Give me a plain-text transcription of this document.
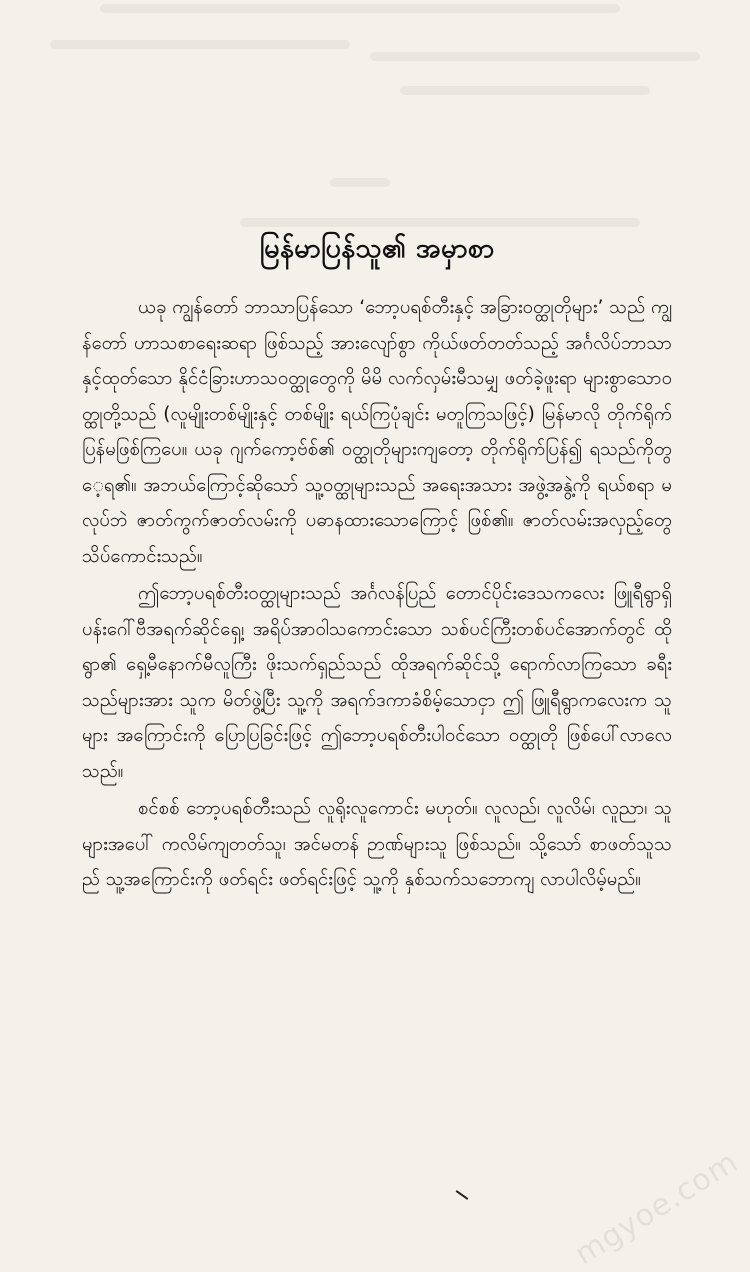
မြန်မာပြန်သူ၏ အမှာစာ

ယခု ကျွန်တော် ဘာသာပြန်သော ‘ဘော့ပရစ်တီးနှင့် အခြားဝတ္ထုတိုများ’ သည် ကျွန်တော် ဟာသစာရေးဆရာ ဖြစ်သည့် အားလျော်စွာ ကိုယ်ဖတ်တတ်သည့် အင်္ဂလိပ်ဘာသာနှင့်ထုတ်သော နိုင်ငံခြားဟာသဝတ္ထုတွေကို မိမိ လက်လှမ်းမီသမျှ ဖတ်ခဲ့ဖူးရာ များစွာသောဝတ္ထုတို့သည် (လူမျိုးတစ်မျိုးနှင့် တစ်မျိုး ရယ်ကြပုံချင်း မတူကြသဖြင့်) မြန်မာလို တိုက်ရိုက်ပြန်မဖြစ်ကြပေ။ ယခု ဂျက်ကော့ဗ်စ်၏ ဝတ္ထုတိုများကျတော့ တိုက်ရိုက်ပြန်၍ ရသည်ကိုတွေ့ရ၏။ အဘယ်ကြောင့်ဆိုသော် သူ့ဝတ္ထုများသည် အရေးအသား အဖွဲ့အနွဲ့ကို ရယ်စရာ မလုပ်ဘဲ ဇာတ်ကွက်ဇာတ်လမ်းကို ပဓာနထားသောကြောင့် ဖြစ်၏။ ဇာတ်လမ်းအလှည့်တွေ သိပ်ကောင်းသည်။

ဤဘော့ပရစ်တီးဝတ္ထုများသည် အင်္ဂလန်ပြည် တောင်ပိုင်းဒေသကလေး ဖြူရီရွာရှိ ပန်းဂေါ်ဗီအရက်ဆိုင်ရှေ့၊ အရိပ်အာဝါသကောင်းသော သစ်ပင်ကြီးတစ်ပင်အောက်တွင် ထိုရွာ၏ ရှေ့မီနောက်မီလူကြီး ဖိုးသက်ရှည်သည် ထိုအရက်ဆိုင်သို့ ရောက်လာကြသော ခရီးသည်များအား သူက မိတ်ဖွဲ့ပြီး သူ့ကို အရက်ဒကာခံစိမ့်သောငှာ ဤ ဖြူရီရွာကလေးက သူများ အကြောင်းကို ပြောပြခြင်းဖြင့် ဤဘော့ပရစ်တီးပါဝင်သော ဝတ္ထုတို ဖြစ်ပေါ်လာလေသည်။

စင်စစ် ဘော့ပရစ်တီးသည် လူရိုးလူကောင်း မဟုတ်။ လူလည်၊ လူလိမ်၊ လူညာ၊ သူများအပေါ် ကလိမ်ကျတတ်သူ၊ အင်မတန် ဉာဏ်များသူ ဖြစ်သည်။ သို့သော် စာဖတ်သူသည် သူ့အကြောင်းကို ဖတ်ရင်း ဖတ်ရင်းဖြင့် သူ့ကို နှစ်သက်သဘောကျ လာပါလိမ့်မည်။

mgyoe.com
